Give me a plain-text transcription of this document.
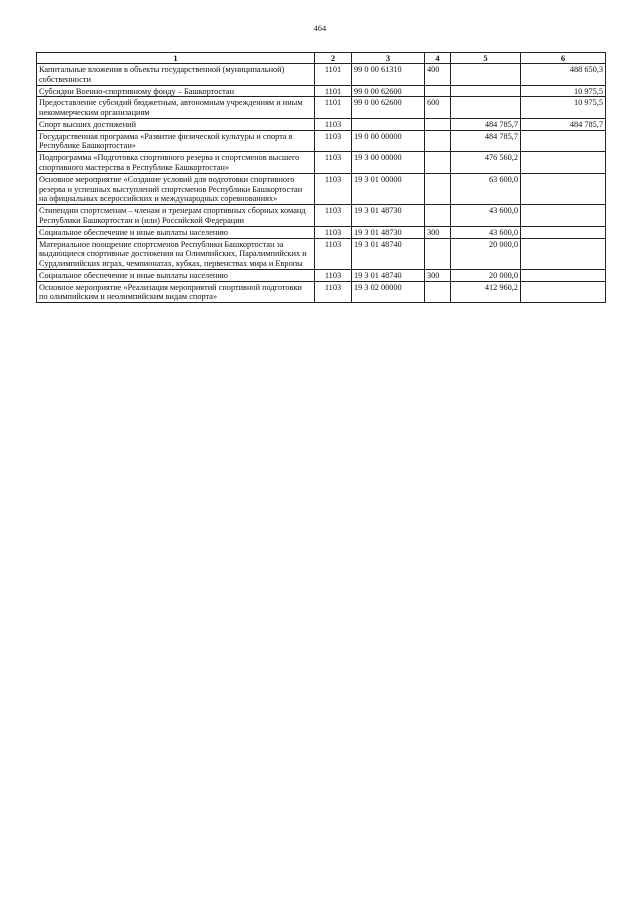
464
1	2	3	4	5	6
Капитальные вложения в объекты государственной (муниципальной) собственности	1101	99 0 00 61310	400		488 650,3
Субсидии Военно-спортивному фонду – Башкортостан	1101	99 0 00 62600			10 975,5
Предоставление субсидий бюджетным, автономным учреждениям и иным некоммерческим организациям	1101	99 0 00 62600	600		10 975,5
Спорт высших достижений	1103			484 785,7	484 785,7
Государственная программа «Развитие физической культуры и спорта в Республике Башкортостан»	1103	19 0 00 00000		484 785,7	
Подпрограмма «Подготовка спортивного резерва и спортсменов высшего спортивного мастерства в Республике Башкортостан»	1103	19 3 00 00000		476 560,2	
Основное мероприятие «Создание условий для подготовки спортивного резерва и успешных выступлений спортсменов Республики Башкортостан на официальных всероссийских и международных соревнованиях»	1103	19 3 01 00000		63 600,0	
Стипендии спортсменам – членам и тренерам спортивных сборных команд Республики Башкортостан и (или) Российской Федерации	1103	19 3 01 48730		43 600,0	
Социальное обеспечение и иные выплаты населению	1103	19 3 01 48730	300	43 600,0	
Материальное поощрение спортсменов Республики Башкортостан за выдающиеся спортивные достижения на Олимпийских, Паралимпийских и Сурдлимпийских играх, чемпионатах, кубках, первенствах мира и Европы	1103	19 3 01 48740		20 000,0	
Социальное обеспечение и иные выплаты населению	1103	19 3 01 48740	300	20 000,0	
Основное мероприятие «Реализация мероприятий спортивной подготовки по олимпийским и неолимпийским видам спорта»	1103	19 3 02 00000		412 960,2	
